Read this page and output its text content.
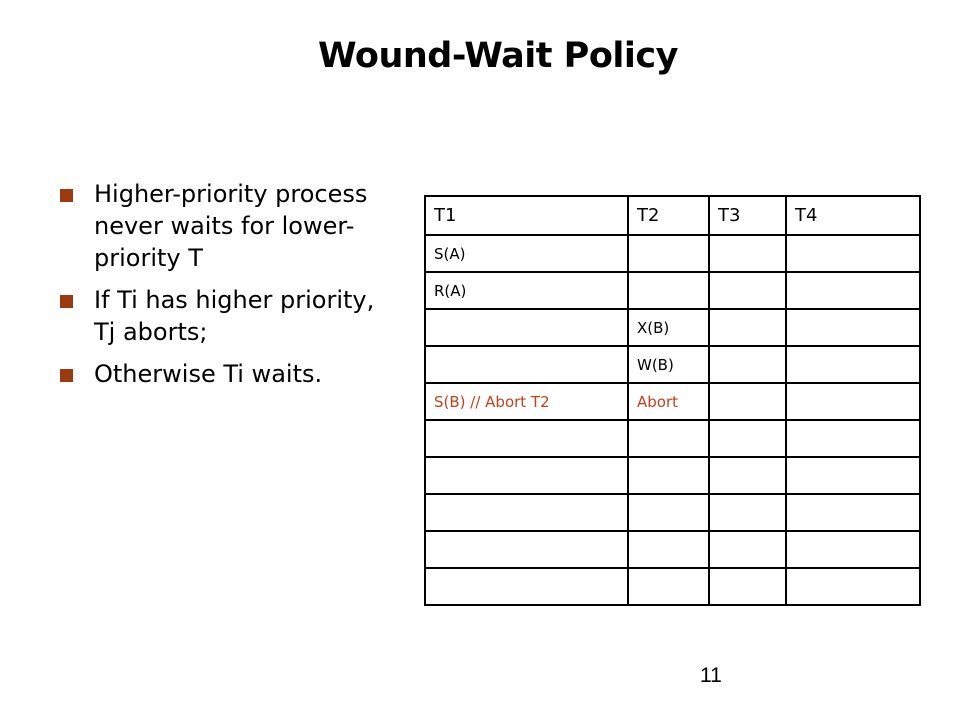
Wound-Wait Policy
Higher-priority process never waits for lower-priority T
If Ti has higher priority, Tj aborts;
Otherwise Ti waits.
T1	T2	T3	T4
S(A)			
R(A)			
	X(B)		
	W(B)		
S(B) // Abort T2	Abort		

11
